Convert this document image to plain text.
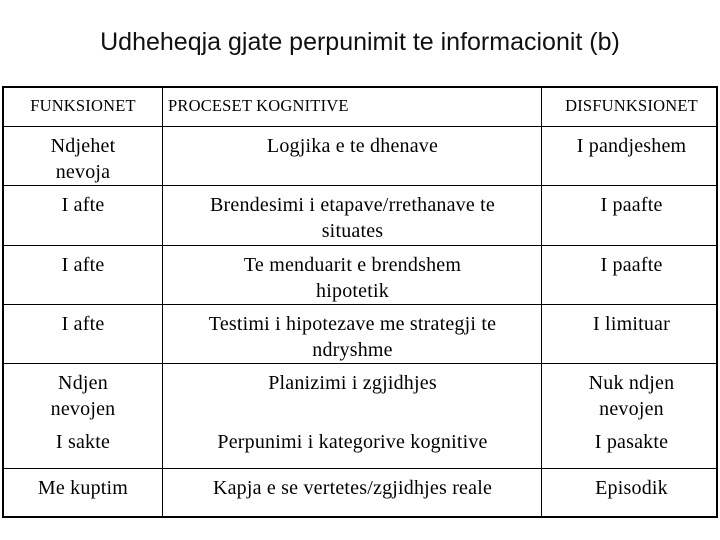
Udheheqja gjate perpunimit te informacionit (b)
FUNKSIONET	PROCESET KOGNITIVE	DISFUNKSIONET
Ndjehet
nevoja
I afte
I afte
I afte
Ndjen
nevojen
I sakte
Me kuptim
Logjika e te dhenave
Brendesimi i etapave/rrethanave te
situates
Te menduarit e brendshem
hipotetik
Testimi i hipotezave me strategji te
ndryshme
Planizimi i zgjidhjes
Perpunimi i kategorive kognitive
Kapja e se vertetes/zgjidhjes reale
I pandjeshem
I paafte
I paafte
I limituar
Nuk ndjen
nevojen
I pasakte
Episodik
